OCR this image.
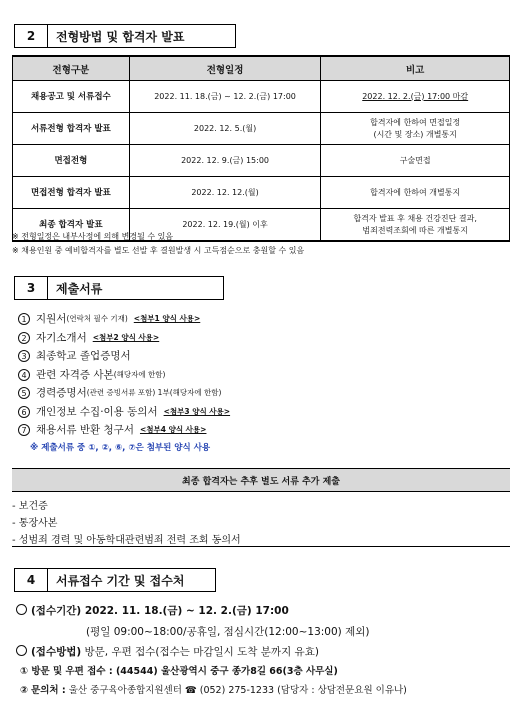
2	전형방법 및 합격자 발표
전형구분	전형일정	비고
채용공고 및 서류접수	2022. 11. 18.(금) ~ 12. 2.(금) 17:00	2022. 12. 2.(금) 17:00 마감
서류전형 합격자 발표	2022. 12. 5.(월)	합격자에 한하여 면접일정
(시간 및 장소) 개별통지

면접전형	2022. 12. 9.(금) 15:00	구술면접
면접전형 합격자 발표	2022. 12. 12.(월)	합격자에 한하여 개별통지
최종 합격자 발표	2022. 12. 19.(월) 이후	합격자 발표 후 채용 건강진단 결과,
범죄전력조회에 따른 개별통지
※ 전형일정은 내부사정에 의해 변경될 수 있음
※ 채용인원 중 예비합격자를 별도 선발 후 결원발생 시 고득점순으로 충원할 수 있음
3	제출서류
1 지원서 (연락처 필수 기재) <첨부1 양식 사용>
2 자기소개서 <첨부2 양식 사용>
3 최종학교 졸업증명서
4 관련 자격증 사본 (해당자에 한함)
5 경력증명서 (관련 증빙서류 포함) 1부(해당자에 한함)
6 개인정보 수집·이용 동의서 <첨부3 양식 사용>
7 채용서류 반환 청구서 <첨부4 양식 사용>
※ 제출서류 중 ①, ②, ⑥, ⑦은 첨부된 양식 사용
최종 합격자는 추후 별도 서류 추가 제출
- 보건증
- 통장사본
- 성범죄 경력 및 아동학대관련범죄 전력 조회 동의서
4	서류접수 기간 및 접수처
(접수기간) 2022. 11. 18.(금) ~ 12. 2.(금) 17:00
(평일 09:00~18:00/공휴일, 점심시간(12:00~13:00) 제외)
(접수방법) 방문, 우편 접수(접수는 마감일시 도착 분까지 유효)
① 방문 및 우편 접수 : (44544) 울산광역시 중구 종가8길 66(3층 사무실)
② 문의처 : 울산 중구육아종합지원센터 ☎ (052) 275-1233 (담당자 : 상담전문요원 이유나)
